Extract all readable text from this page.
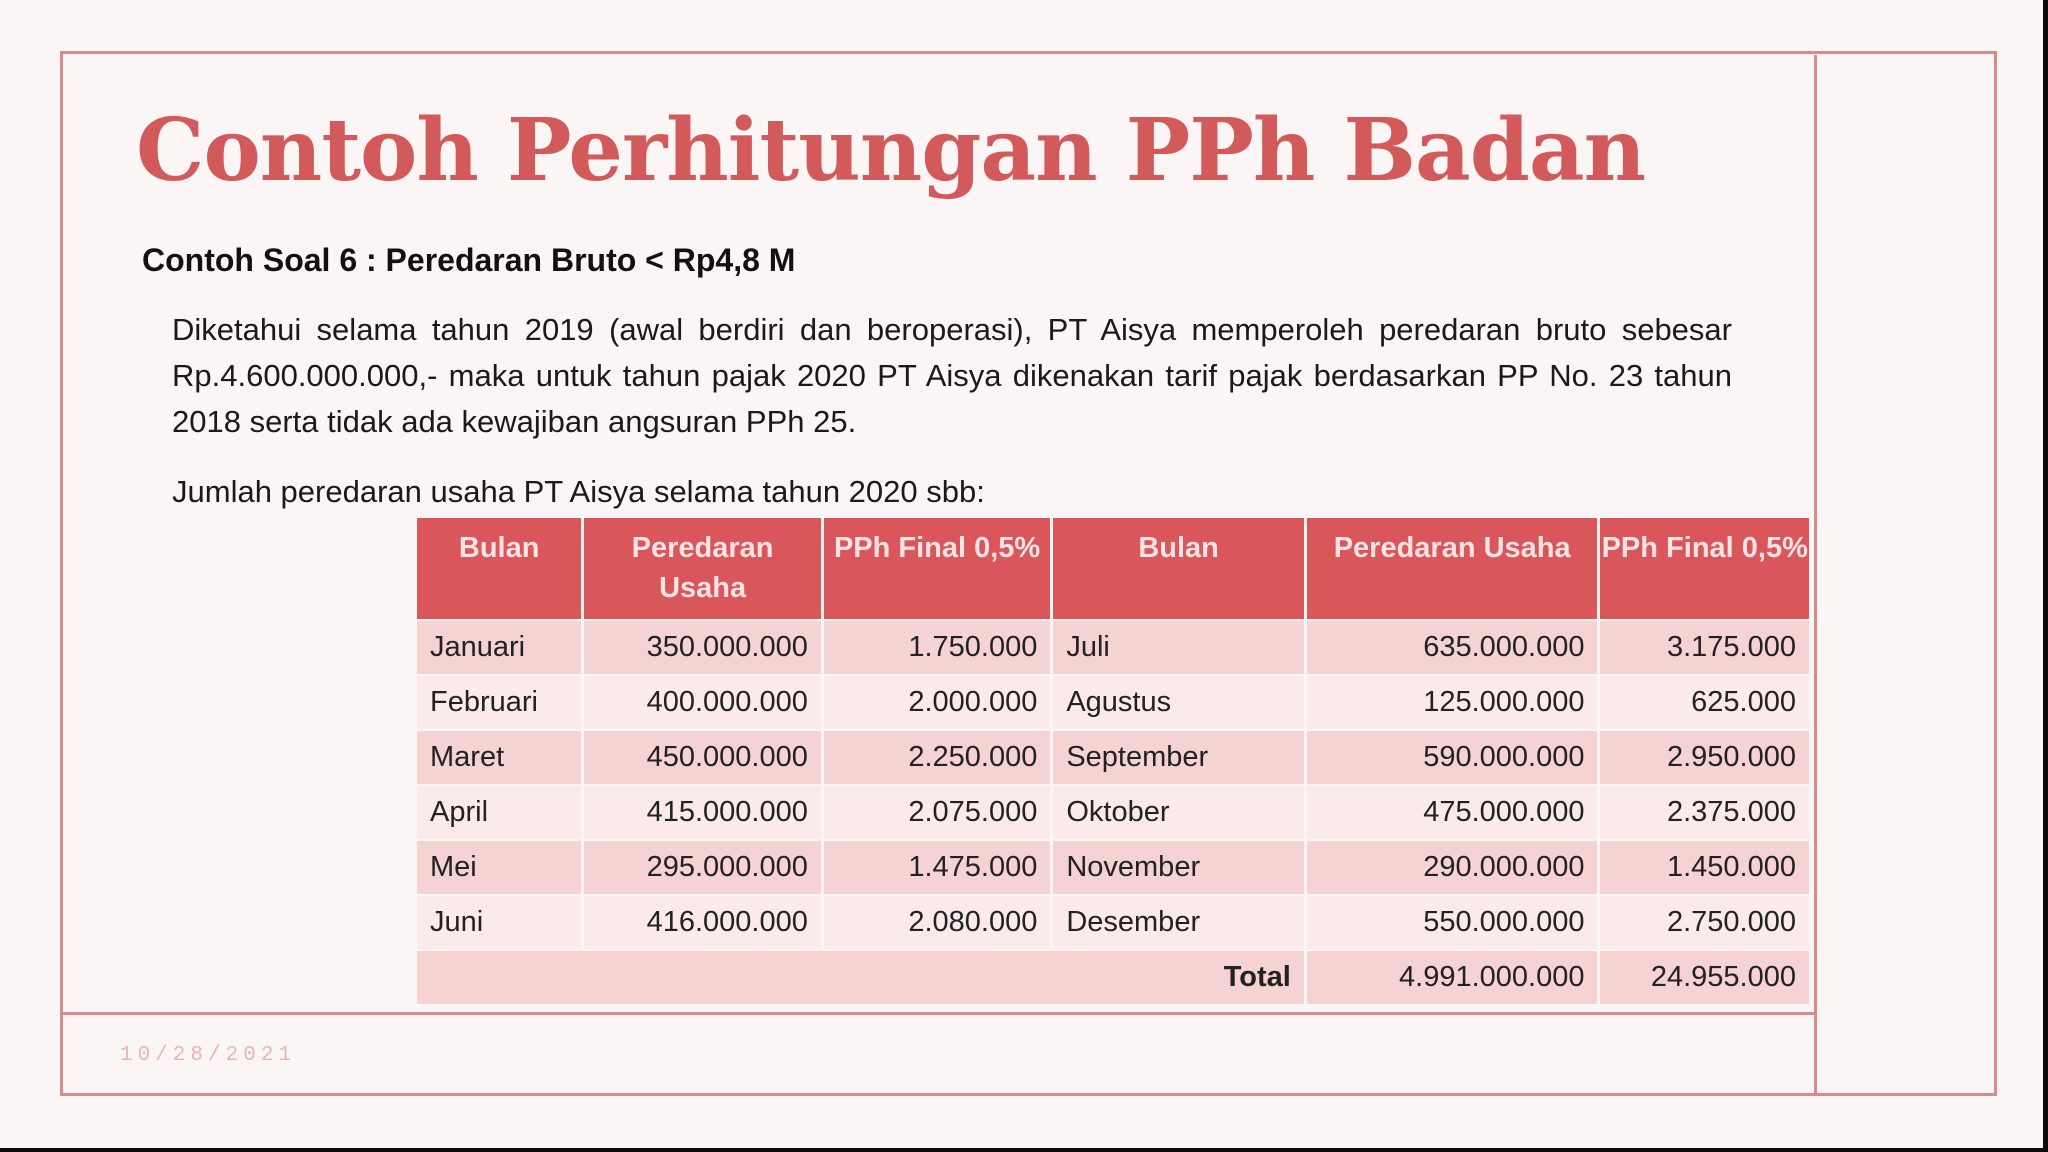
Contoh Perhitungan PPh Badan

Contoh Soal 6 : Peredaran Bruto < Rp4,8 M

Diketahui selama tahun 2019 (awal berdiri dan beroperasi), PT Aisya memperoleh peredaran bruto sebesar Rp.4.600.000.000,- maka untuk tahun pajak 2020 PT Aisya dikenakan tarif pajak berdasarkan PP No. 23 tahun 2018 serta tidak ada kewajiban angsuran PPh 25.

Jumlah peredaran usaha PT Aisya selama tahun 2020 sbb:

Bulan	Peredaran Usaha	PPh Final 0,5%	Bulan	Peredaran Usaha	PPh Final 0,5%
Januari	350.000.000	1.750.000	Juli	635.000.000	3.175.000
Februari	400.000.000	2.000.000	Agustus	125.000.000	625.000
Maret	450.000.000	2.250.000	September	590.000.000	2.950.000
April	415.000.000	2.075.000	Oktober	475.000.000	2.375.000
Mei	295.000.000	1.475.000	November	290.000.000	1.450.000
Juni	416.000.000	2.080.000	Desember	550.000.000	2.750.000
Total				4.991.000.000	24.955.000
10/28/2021
